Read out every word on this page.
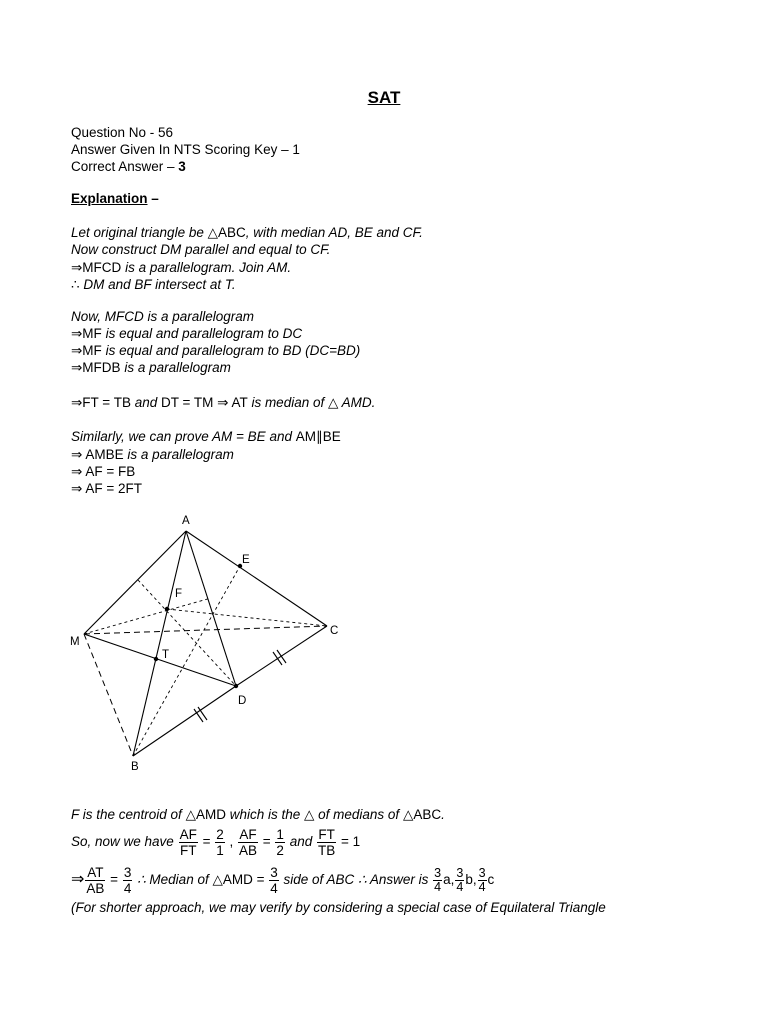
SAT
Question No - 56
Answer Given In NTS Scoring Key – 1
Correct Answer – 3
Explanation –
Let original triangle be △ABC, with median AD, BE and CF.
Now construct DM parallel and equal to CF.
⇒MFCD is a parallelogram. Join AM.
∴ DM and BF intersect at T.
Now, MFCD is a parallelogram
⇒MF is equal and parallelogram to DC
⇒MF is equal and parallelogram to BD (DC=BD)
⇒MFDB is a parallelogram
⇒FT = TB and DT = TM ⇒ AT is median of △ AMD.
Similarly, we can prove AM = BE and AM∥BE
⇒ AMBE is a parallelogram
⇒ AF = FB
⇒ AF = 2FT
A
E
F
C
M
T
D
B
F is the centroid of △AMD which is the △ of medians of △ABC.
So, now we have $\frac{AF}{FT} = \frac{2}{1}$ , $\frac{AF}{AB} = \frac{1}{2}$ and $\frac{FT}{TB} = 1$
⇒ $\frac{AT}{AB} = \frac{3}{4}$ ∴ Median of △AMD = $\frac{3}{4}$ side of ABC ∴ Answer is $\frac{3}{4} a$, $\frac{3}{4} b$, $\frac{3}{4}$ c
(For shorter approach, we may verify by considering a special case of Equilateral Triangle
